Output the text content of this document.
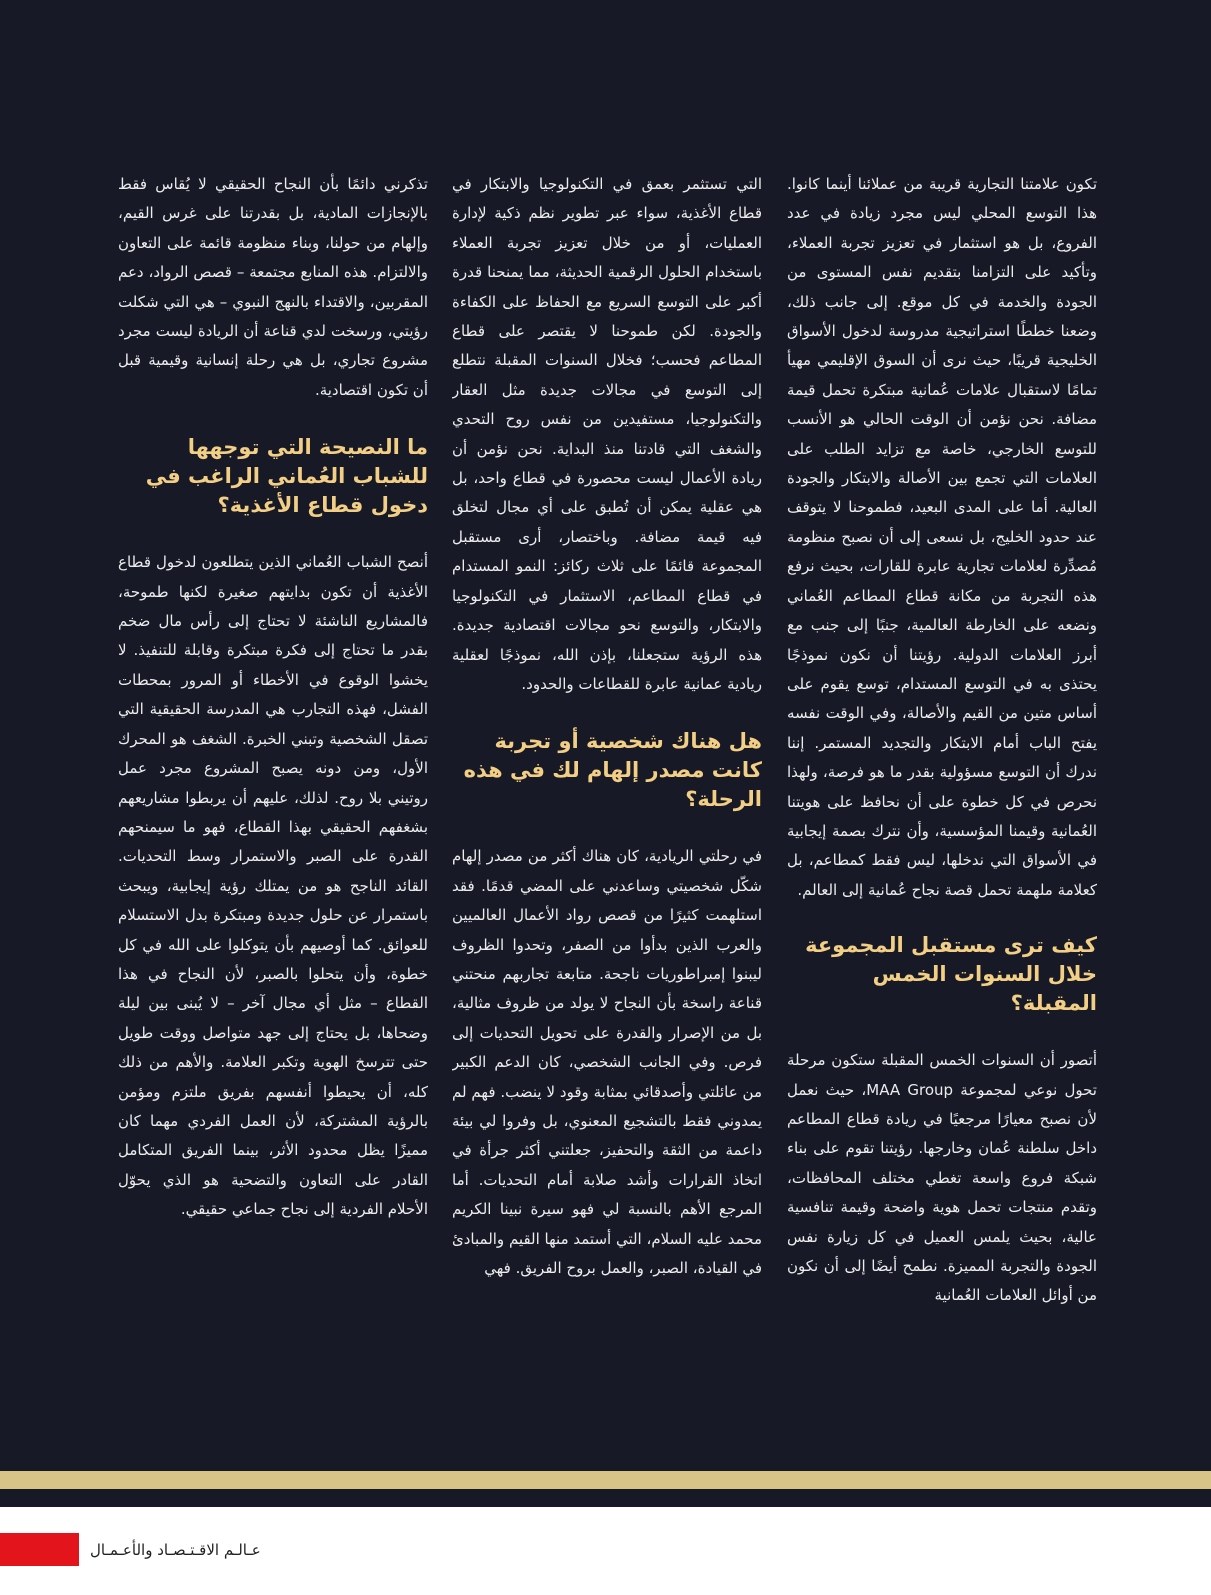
تكون علامتنا التجارية قريبة من عملائنا أينما كانوا. هذا التوسع المحلي ليس مجرد زيادة في عدد الفروع، بل هو استثمار في تعزيز تجربة العملاء، وتأكيد على التزامنا بتقديم نفس المستوى من الجودة والخدمة في كل موقع. إلى جانب ذلك، وضعنا خططًا استراتيجية مدروسة لدخول الأسواق الخليجية قريبًا، حيث نرى أن السوق الإقليمي مهيأ تمامًا لاستقبال علامات عُمانية مبتكرة تحمل قيمة مضافة. نحن نؤمن أن الوقت الحالي هو الأنسب للتوسع الخارجي، خاصة مع تزايد الطلب على العلامات التي تجمع بين الأصالة والابتكار والجودة العالية. أما على المدى البعيد، فطموحنا لا يتوقف عند حدود الخليج، بل نسعى إلى أن نصبح منظومة مُصدِّرة لعلامات تجارية عابرة للقارات، بحيث نرفع هذه التجربة من مكانة قطاع المطاعم العُماني ونضعه على الخارطة العالمية، جنبًا إلى جنب مع أبرز العلامات الدولية. رؤيتنا أن نكون نموذجًا يحتذى به في التوسع المستدام، توسع يقوم على أساس متين من القيم والأصالة، وفي الوقت نفسه يفتح الباب أمام الابتكار والتجديد المستمر. إننا ندرك أن التوسع مسؤولية بقدر ما هو فرصة، ولهذا نحرص في كل خطوة على أن نحافظ على هويتنا العُمانية وقيمنا المؤسسية، وأن نترك بصمة إيجابية في الأسواق التي ندخلها، ليس فقط كمطاعم، بل كعلامة ملهمة تحمل قصة نجاح عُمانية إلى العالم.

كيف ترى مستقبل المجموعة خلال السنوات الخمس المقبلة؟

أتصور أن السنوات الخمس المقبلة ستكون مرحلة تحول نوعي لمجموعة MAA Group، حيث نعمل لأن نصبح معيارًا مرجعيًا في ريادة قطاع المطاعم داخل سلطنة عُمان وخارجها. رؤيتنا تقوم على بناء شبكة فروع واسعة تغطي مختلف المحافظات، وتقدم منتجات تحمل هوية واضحة وقيمة تنافسية عالية، بحيث يلمس العميل في كل زيارة نفس الجودة والتجربة المميزة. نطمح أيضًا إلى أن نكون من أوائل العلامات العُمانية

التي تستثمر بعمق في التكنولوجيا والابتكار في قطاع الأغذية، سواء عبر تطوير نظم ذكية لإدارة العمليات، أو من خلال تعزيز تجربة العملاء باستخدام الحلول الرقمية الحديثة، مما يمنحنا قدرة أكبر على التوسع السريع مع الحفاظ على الكفاءة والجودة. لكن طموحنا لا يقتصر على قطاع المطاعم فحسب؛ فخلال السنوات المقبلة نتطلع إلى التوسع في مجالات جديدة مثل العقار والتكنولوجيا، مستفيدين من نفس روح التحدي والشغف التي قادتنا منذ البداية. نحن نؤمن أن ريادة الأعمال ليست محصورة في قطاع واحد، بل هي عقلية يمكن أن تُطبق على أي مجال لتخلق فيه قيمة مضافة. وباختصار، أرى مستقبل المجموعة قائمًا على ثلاث ركائز: النمو المستدام في قطاع المطاعم، الاستثمار في التكنولوجيا والابتكار، والتوسع نحو مجالات اقتصادية جديدة. هذه الرؤية ستجعلنا، بإذن الله، نموذجًا لعقلية ريادية عمانية عابرة للقطاعات والحدود.

هل هناك شخصية أو تجربة كانت مصدر إلهام لك في هذه الرحلة؟

في رحلتي الريادية، كان هناك أكثر من مصدر إلهام شكّل شخصيتي وساعدني على المضي قدمًا. فقد استلهمت كثيرًا من قصص رواد الأعمال العالميين والعرب الذين بدأوا من الصفر، وتحدوا الظروف ليبنوا إمبراطوريات ناجحة. متابعة تجاربهم منحتني قناعة راسخة بأن النجاح لا يولد من ظروف مثالية، بل من الإصرار والقدرة على تحويل التحديات إلى فرص. وفي الجانب الشخصي، كان الدعم الكبير من عائلتي وأصدقائي بمثابة وقود لا ينضب. فهم لم يمدوني فقط بالتشجيع المعنوي، بل وفروا لي بيئة داعمة من الثقة والتحفيز، جعلتني أكثر جرأة في اتخاذ القرارات وأشد صلابة أمام التحديات. أما المرجع الأهم بالنسبة لي فهو سيرة نبينا الكريم محمد عليه السلام، التي أستمد منها القيم والمبادئ في القيادة، الصبر، والعمل بروح الفريق. فهي

تذكرني دائمًا بأن النجاح الحقيقي لا يُقاس فقط بالإنجازات المادية، بل بقدرتنا على غرس القيم، وإلهام من حولنا، وبناء منظومة قائمة على التعاون والالتزام. هذه المنابع مجتمعة – قصص الرواد، دعم المقربين، والاقتداء بالنهج النبوي – هي التي شكلت رؤيتي، ورسخت لدي قناعة أن الريادة ليست مجرد مشروع تجاري، بل هي رحلة إنسانية وقيمية قبل أن تكون اقتصادية.

ما النصيحة التي توجهها للشباب العُماني الراغب في دخول قطاع الأغذية؟

أنصح الشباب العُماني الذين يتطلعون لدخول قطاع الأغذية أن تكون بدايتهم صغيرة لكنها طموحة، فالمشاريع الناشئة لا تحتاج إلى رأس مال ضخم بقدر ما تحتاج إلى فكرة مبتكرة وقابلة للتنفيذ. لا يخشوا الوقوع في الأخطاء أو المرور بمحطات الفشل، فهذه التجارب هي المدرسة الحقيقية التي تصقل الشخصية وتبني الخبرة. الشغف هو المحرك الأول، ومن دونه يصبح المشروع مجرد عمل روتيني بلا روح. لذلك، عليهم أن يربطوا مشاريعهم بشغفهم الحقيقي بهذا القطاع، فهو ما سيمنحهم القدرة على الصبر والاستمرار وسط التحديات. القائد الناجح هو من يمتلك رؤية إيجابية، ويبحث باستمرار عن حلول جديدة ومبتكرة بدل الاستسلام للعوائق. كما أوصيهم بأن يتوكلوا على الله في كل خطوة، وأن يتحلوا بالصبر، لأن النجاح في هذا القطاع – مثل أي مجال آخر – لا يُبنى بين ليلة وضحاها، بل يحتاج إلى جهد متواصل ووقت طويل حتى تترسخ الهوية وتكبر العلامة. والأهم من ذلك كله، أن يحيطوا أنفسهم بفريق ملتزم ومؤمن بالرؤية المشتركة، لأن العمل الفردي مهما كان مميزًا يظل محدود الأثر، بينما الفريق المتكامل القادر على التعاون والتضحية هو الذي يحوّل الأحلام الفردية إلى نجاح جماعي حقيقي.

عـالـم الاقـتـصـاد والأعـمـال
